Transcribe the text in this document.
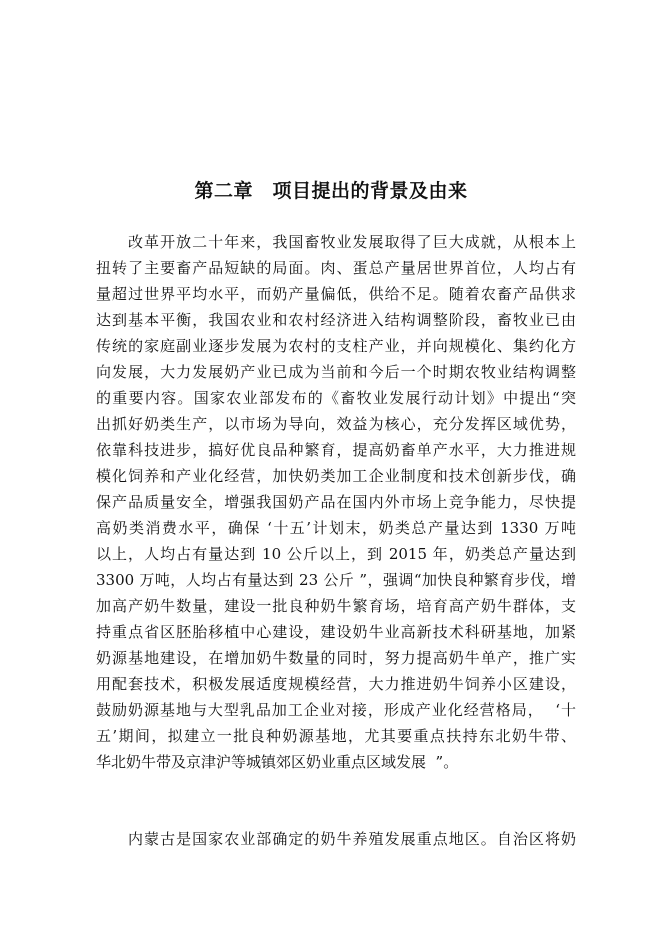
第二章　项目提出的背景及由来
改革开放二十年来，我国畜牧业发展取得了巨大成就，从根本上
扭转了主要畜产品短缺的局面。肉、蛋总产量居世界首位，人均占有
量超过世界平均水平，而奶产量偏低，供给不足。随着农畜产品供求
达到基本平衡，我国农业和农村经济进入结构调整阶段，畜牧业已由
传统的家庭副业逐步发展为农村的支柱产业，并向规模化、集约化方
向发展，大力发展奶产业已成为当前和今后一个时期农牧业结构调整
的重要内容。国家农业部发布的《畜牧业发展行动计划》中提出“突
出抓好奶类生产，以市场为导向，效益为核心，充分发挥区域优势，
依靠科技进步，搞好优良品种繁育，提高奶畜单产水平，大力推进规
模化饲养和产业化经营，加快奶类加工企业制度和技术创新步伐，确
保产品质量安全，增强我国奶产品在国内外市场上竞争能力，尽快提
高奶类消费水平，确保 ‘十五’计划末，奶类总产量达到 1330 万吨
以上，人均占有量达到 10 公斤以上，到 2015 年，奶类总产量达到
3300 万吨，人均占有量达到 23 公斤 ”，强调“加快良种繁育步伐，增
加高产奶牛数量，建设一批良种奶牛繁育场，培育高产奶牛群体，支
持重点省区胚胎移植中心建设，建设奶牛业高新技术科研基地，加紧
奶源基地建设，在增加奶牛数量的同时，努力提高奶牛单产，推广实
用配套技术，积极发展适度规模经营，大力推进奶牛饲养小区建设，
鼓励奶源基地与大型乳品加工企业对接，形成产业化经营格局，  ‘十
五’期间，拟建立一批良种奶源基地，尤其要重点扶持东北奶牛带、
华北奶牛带及京津沪等城镇郊区奶业重点区域发展  ”。
内蒙古是国家农业部确定的奶牛养殖发展重点地区。自治区将奶
